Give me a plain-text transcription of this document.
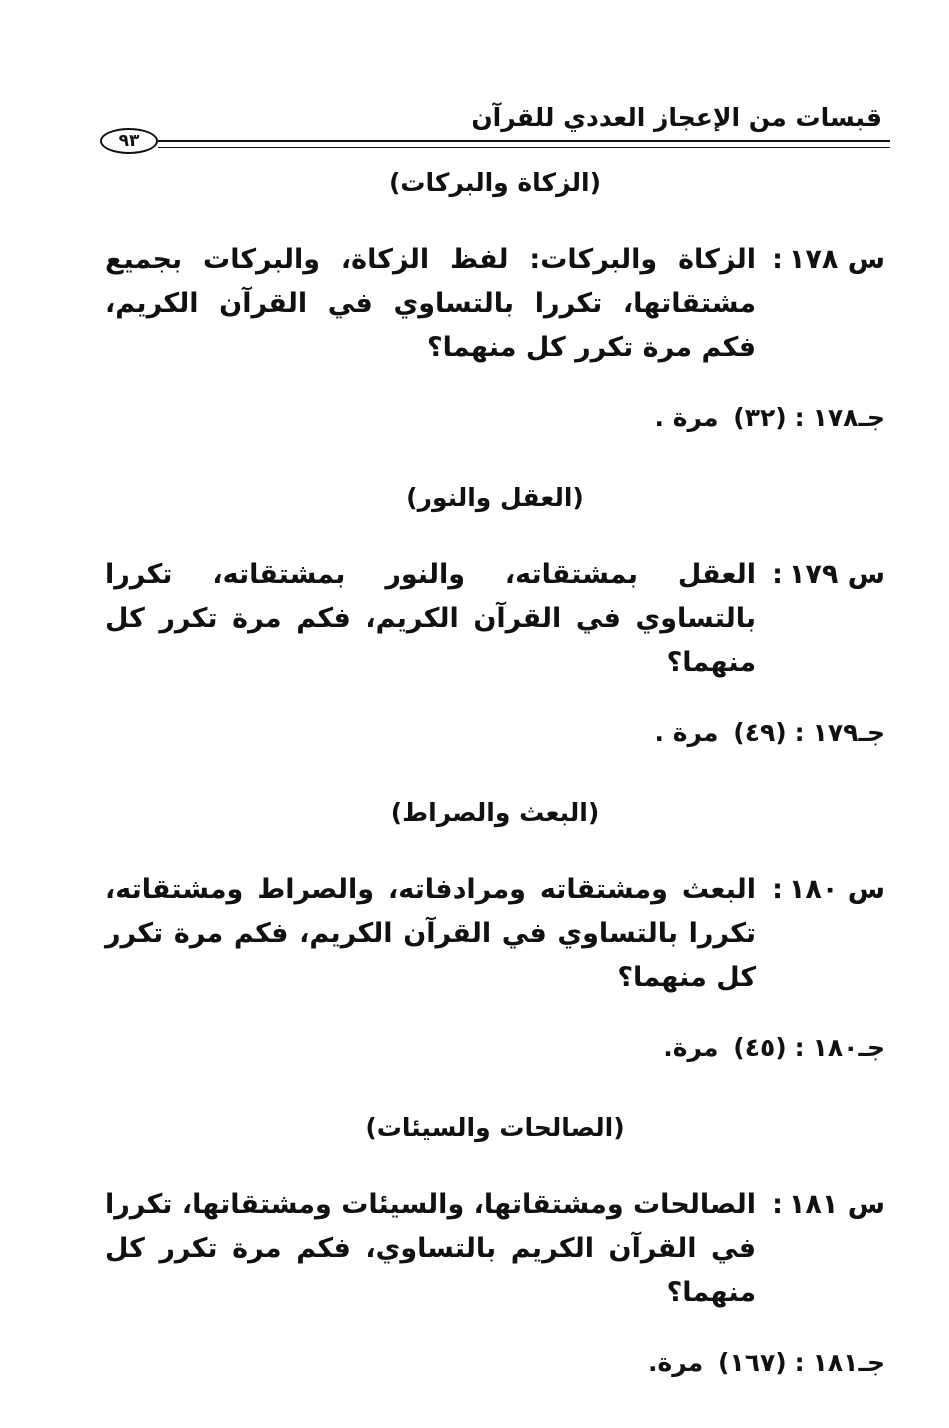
قبسات من الإعجاز العددي للقرآن
٩٣
(الزكاة والبركات)
س ١٧٨:
الزكاة والبركات: لفظ الزكاة، والبركات بجميع مشتقاتها، تكررا بالتساوي في القرآن الكريم، فكم مرة تكرر كل منهما؟
جـ١٧٨:(٣٢) مرة .
(العقل والنور)
س ١٧٩:
العقل بمشتقاته، والنور بمشتقاته، تكررا بالتساوي في القرآن الكريم، فكم مرة تكرر كل منهما؟
جـ١٧٩:(٤٩) مرة .
(البعث والصراط)
س ١٨٠:
البعث ومشتقاته ومرادفاته، والصراط ومشتقاته، تكررا بالتساوي في القرآن الكريم، فكم مرة تكرر كل منهما؟
جـ١٨٠:(٤٥) مرة.
(الصالحات والسيئات)
س ١٨١:
الصالحات ومشتقاتها، والسيئات ومشتقاتها، تكررا في القرآن الكريم بالتساوي، فكم مرة تكرر كل منهما؟
جـ١٨١:(١٦٧) مرة.
